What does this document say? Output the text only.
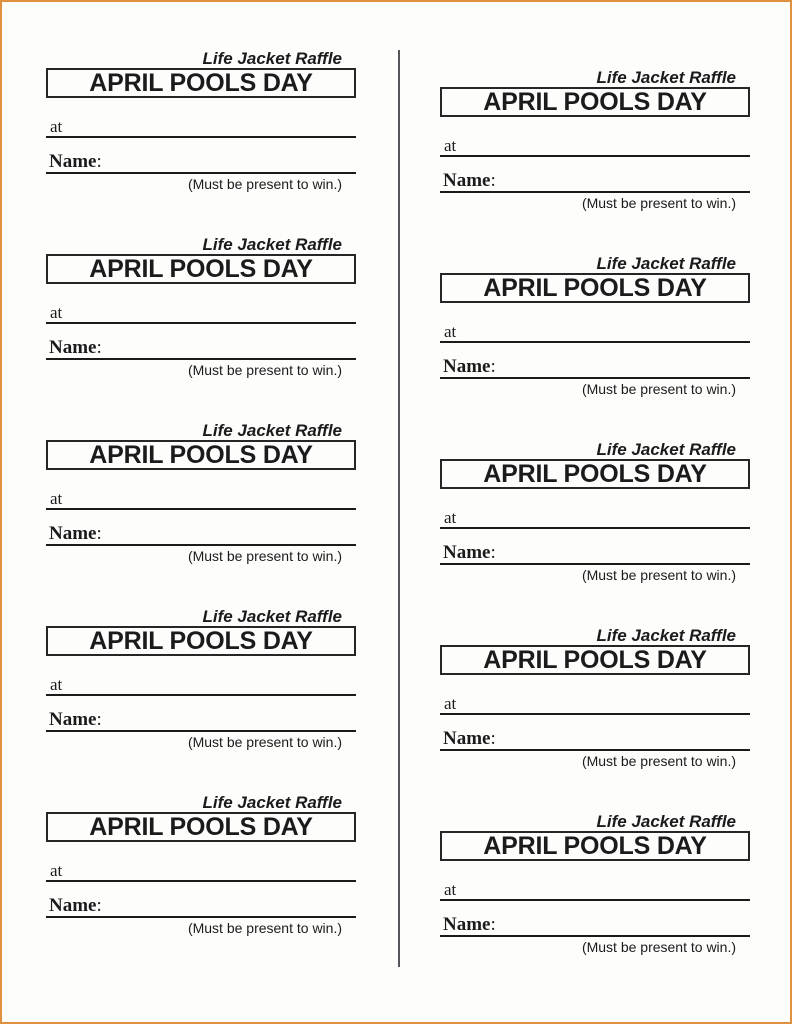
Life Jacket Raffle
APRIL POOLS DAY
at
Name :
(Must be present to win.)
Life Jacket Raffle
APRIL POOLS DAY
at
Name :
(Must be present to win.)
Life Jacket Raffle
APRIL POOLS DAY
at
Name :
(Must be present to win.)
Life Jacket Raffle
APRIL POOLS DAY
at
Name :
(Must be present to win.)
Life Jacket Raffle
APRIL POOLS DAY
at
Name :
(Must be present to win.)
Life Jacket Raffle
APRIL POOLS DAY
at
Name :
(Must be present to win.)
Life Jacket Raffle
APRIL POOLS DAY
at
Name :
(Must be present to win.)
Life Jacket Raffle
APRIL POOLS DAY
at
Name :
(Must be present to win.)
Life Jacket Raffle
APRIL POOLS DAY
at
Name :
(Must be present to win.)
Life Jacket Raffle
APRIL POOLS DAY
at
Name :
(Must be present to win.)
